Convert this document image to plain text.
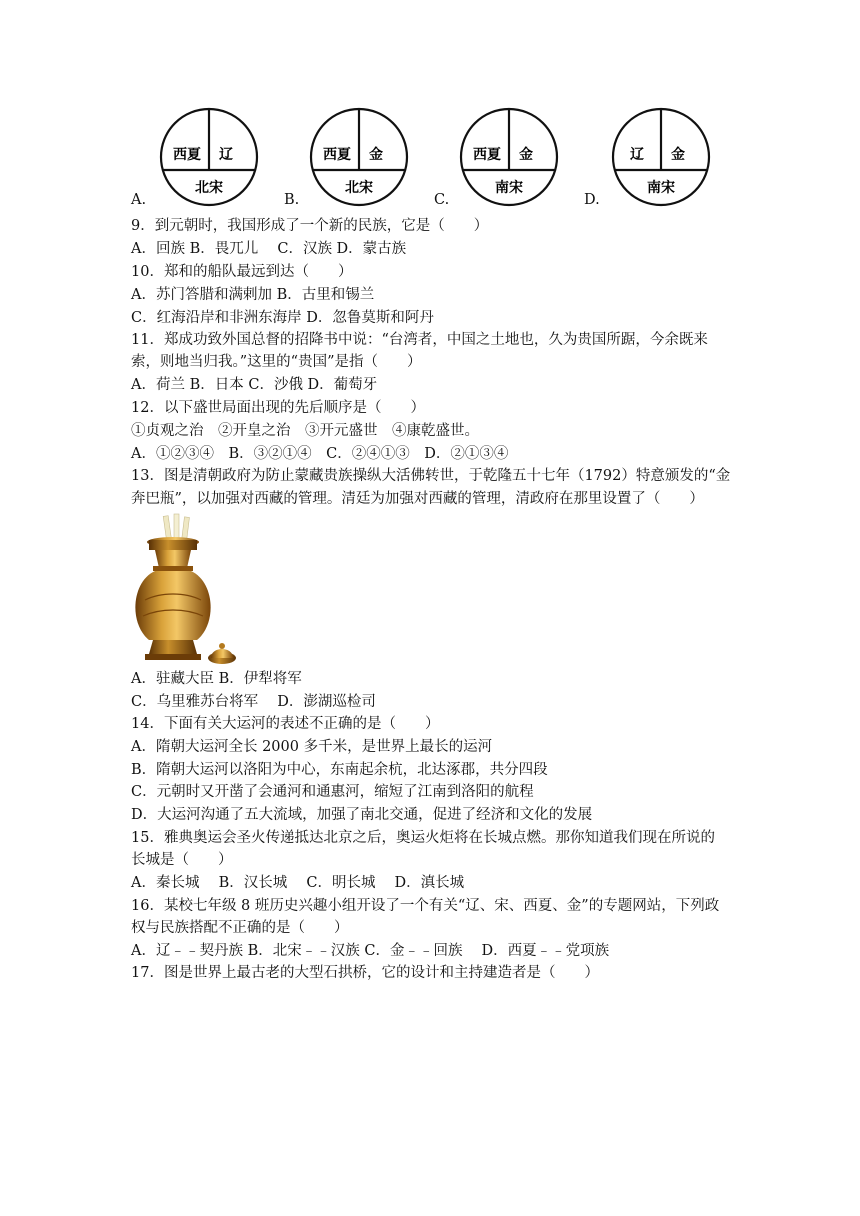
A.
西夏 辽
北宋
B.
西夏 金
北宋
C.
西夏 金
南宋
D.
辽 金
南宋
9．到元朝时，我国形成了一个新的民族，它是（　　）
A．回族 B．畏兀儿　 C．汉族 D．蒙古族
10．郑和的船队最远到达（　　）
A．苏门答腊和满剌加 B．古里和锡兰
C．红海沿岸和非洲东海岸 D．忽鲁莫斯和阿丹
11．郑成功致外国总督的招降书中说：“台湾者，中国之土地也，久为贵国所踞，今余既来
索，则地当归我。”这里的“贵国”是指（　　）
A．荷兰 B．日本 C．沙俄 D．葡萄牙
12．以下盛世局面出现的先后顺序是（　　）
①贞观之治　②开皇之治　③开元盛世　④康乾盛世。
A．①②③④　B．③②①④　C．②④①③　D．②①③④
13．图是清朝政府为防止蒙藏贵族操纵大活佛转世，于乾隆五十七年（1792）特意颁发的“金
奔巴瓶”，以加强对西藏的管理。清廷为加强对西藏的管理，清政府在那里设置了（　　）
A．驻藏大臣 B．伊犁将军
C．乌里雅苏台将军　 D．澎湖巡检司
14．下面有关大运河的表述不正确的是（　　）
A．隋朝大运河全长 2000 多千米，是世界上最长的运河
B．隋朝大运河以洛阳为中心，东南起余杭，北达涿郡，共分四段
C．元朝时又开凿了会通河和通惠河，缩短了江南到洛阳的航程
D．大运河沟通了五大流域，加强了南北交通，促进了经济和文化的发展
15．雅典奥运会圣火传递抵达北京之后，奥运火炬将在长城点燃。那你知道我们现在所说的
长城是（　　）
A．秦长城　 B．汉长城　 C．明长城　 D．滇长城
16．某校七年级 8 班历史兴趣小组开设了一个有关“辽、宋、西夏、金”的专题网站，下列政
权与民族搭配不正确的是（　　）
A．辽﹣﹣契丹族 B．北宋﹣﹣汉族 C．金﹣﹣回族　 D．西夏﹣﹣党项族
17．图是世界上最古老的大型石拱桥，它的设计和主持建造者是（　　）
